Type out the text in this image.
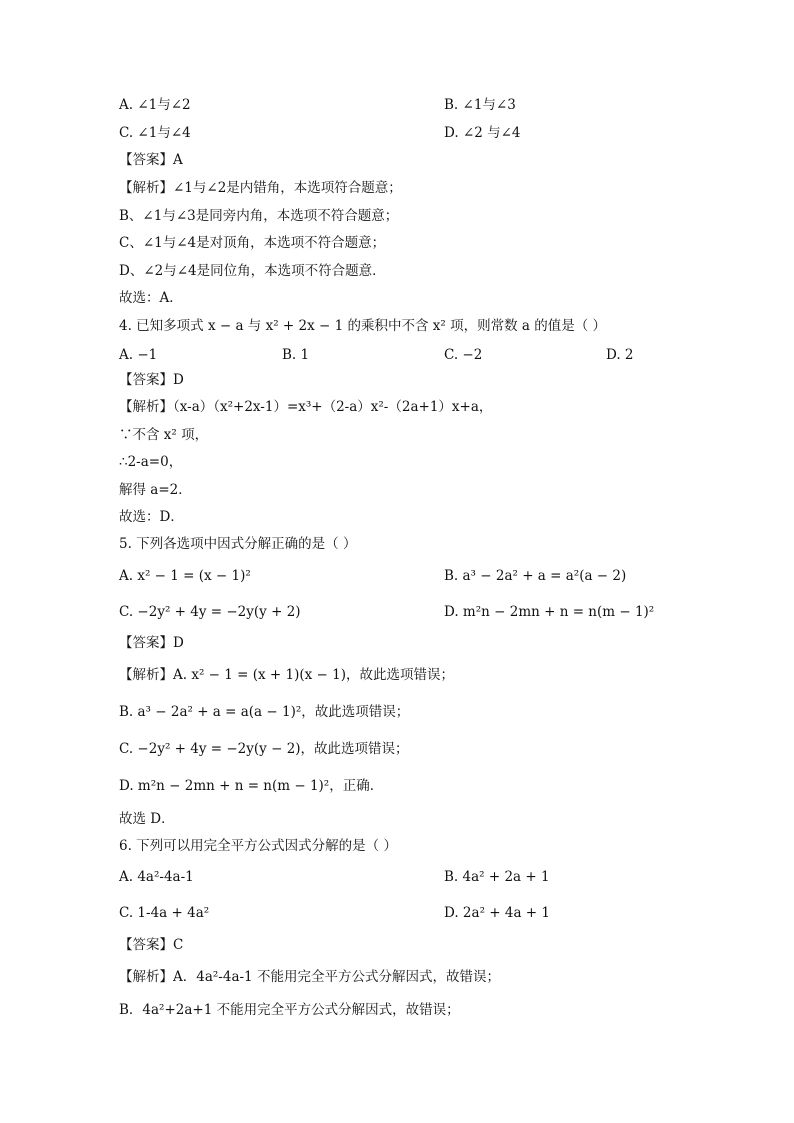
A. ∠1与∠2	B. ∠1与∠3
C. ∠1与∠4	D. ∠2 与∠4
【答案】A
【解析】∠1与∠2是内错角，本选项符合题意；
B、∠1与∠3是同旁内角，本选项不符合题意；
C、∠1与∠4是对顶角，本选项不符合题意；
D、∠2与∠4是同位角，本选项不符合题意．
故选：A．
4. 已知多项式 x − a 与 x² + 2x − 1 的乘积中不含 x² 项，则常数 a 的值是（ ）
A. −1	B. 1	C. −2	D. 2
【答案】D
【解析】（x-a）（x²+2x-1）=x³+（2-a）x²-（2a+1）x+a，
∵不含 x² 项，
∴2-a=0，
解得 a=2．
故选：D．
5. 下列各选项中因式分解正确的是（ ）
A. x² − 1 = (x − 1)²	B. a³ − 2a² + a = a²(a − 2)
C. −2y² + 4y = −2y(y + 2)	D. m²n − 2mn + n = n(m − 1)²
【答案】D
【解析】A. x² − 1 = (x + 1)(x − 1)，故此选项错误；
B. a³ − 2a² + a = a(a − 1)²，故此选项错误；
C. −2y² + 4y = −2y(y − 2)，故此选项错误；
D. m²n − 2mn + n = n(m − 1)²，正确．
故选 D．
6. 下列可以用完全平方公式因式分解的是（ ）
A. 4a²-4a-1	B. 4a² + 2a + 1
C. 1-4a + 4a²	D. 2a² + 4a + 1
【答案】C
【解析】A．4a²-4a-1 不能用完全平方公式分解因式，故错误；
B．4a²+2a+1 不能用完全平方公式分解因式，故错误；
